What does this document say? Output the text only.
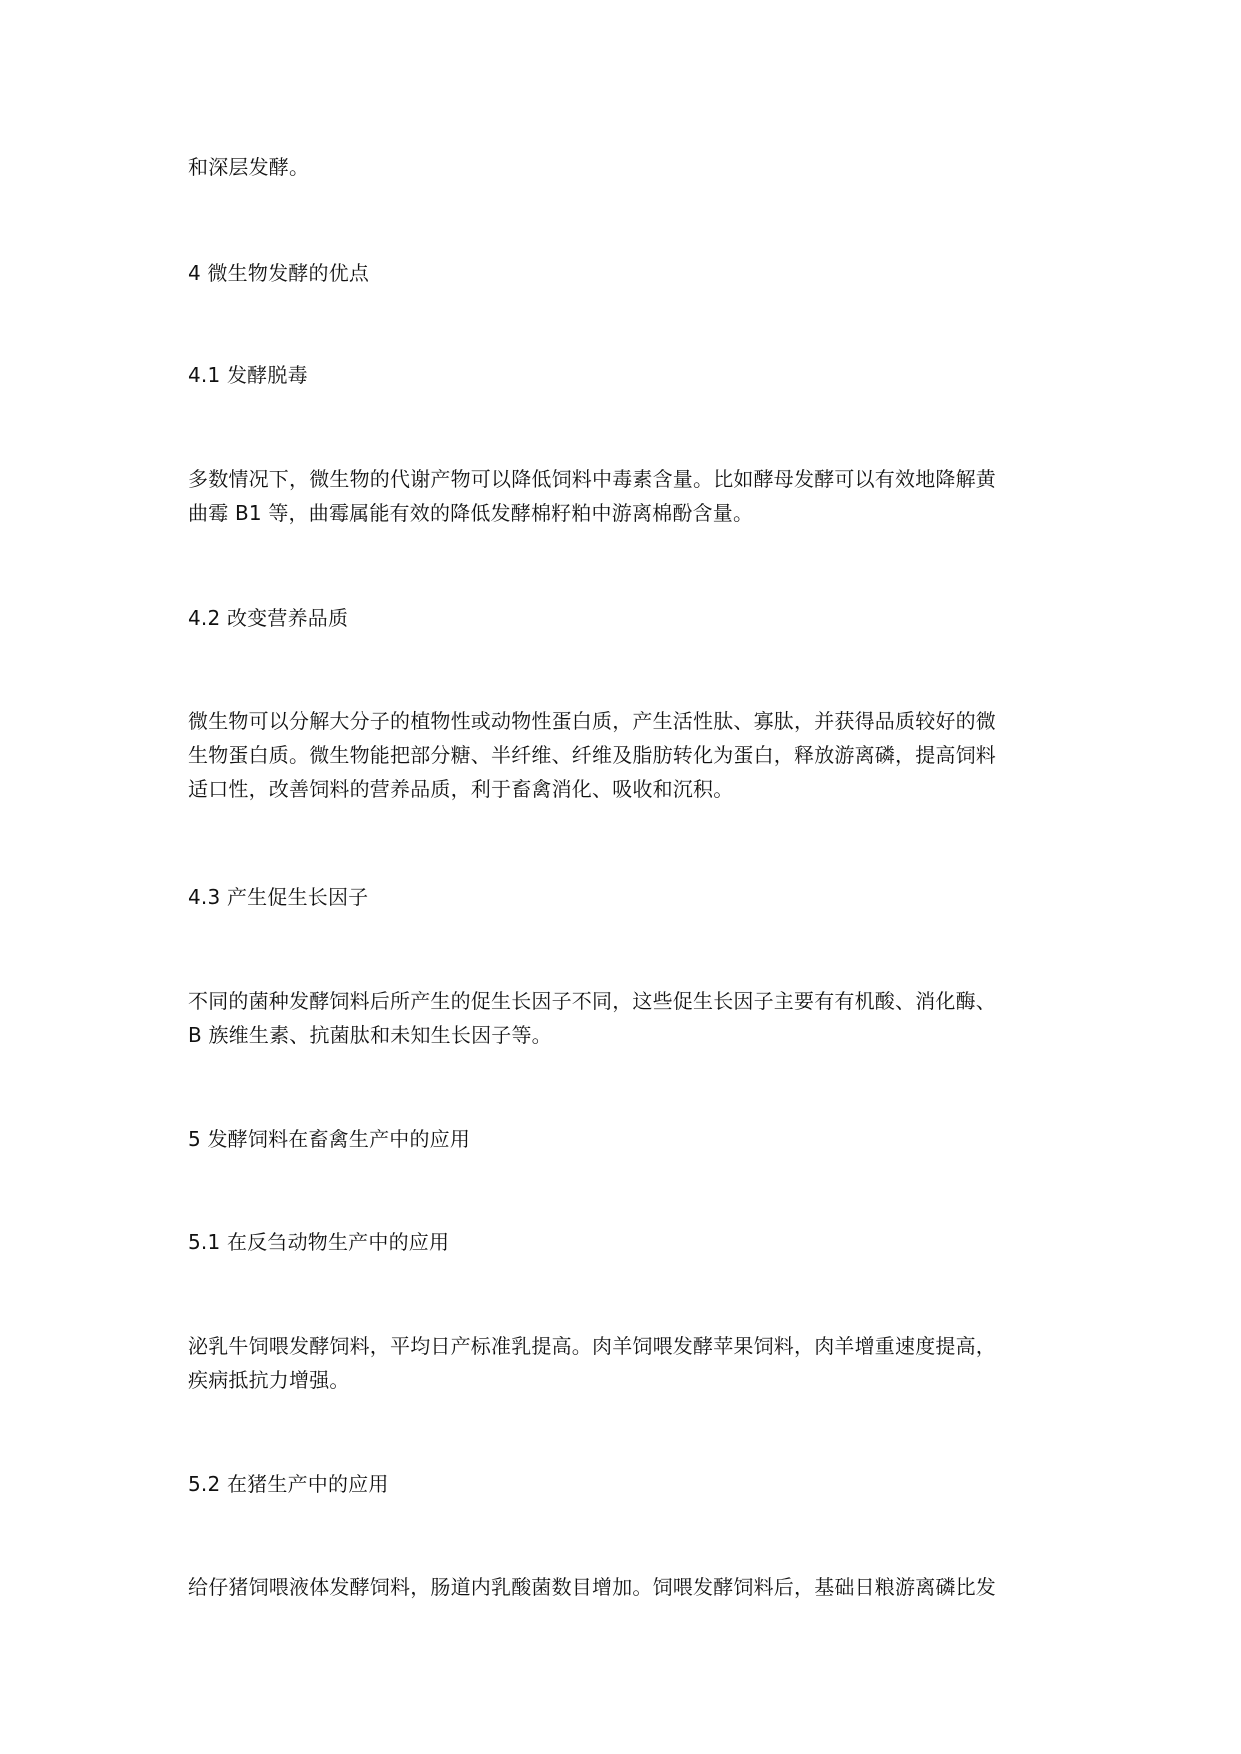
和深层发酵。
4 微生物发酵的优点
4.1 发酵脱毒
多数情况下，微生物的代谢产物可以降低饲料中毒素含量。比如酵母发酵可以有效地降解黄
曲霉 B1 等，曲霉属能有效的降低发酵棉籽粕中游离棉酚含量。
4.2 改变营养品质
微生物可以分解大分子的植物性或动物性蛋白质，产生活性肽、寡肽，并获得品质较好的微
生物蛋白质。微生物能把部分糖、半纤维、纤维及脂肪转化为蛋白，释放游离磷，提高饲料
适口性，改善饲料的营养品质，利于畜禽消化、吸收和沉积。
4.3 产生促生长因子
不同的菌种发酵饲料后所产生的促生长因子不同，这些促生长因子主要有有机酸、消化酶、
B 族维生素、抗菌肽和未知生长因子等。
5 发酵饲料在畜禽生产中的应用
5.1 在反刍动物生产中的应用
泌乳牛饲喂发酵饲料，平均日产标准乳提高。肉羊饲喂发酵苹果饲料，肉羊增重速度提高，
疾病抵抗力增强。
5.2 在猪生产中的应用
给仔猪饲喂液体发酵饲料，肠道内乳酸菌数目增加。饲喂发酵饲料后，基础日粮游离磷比发
